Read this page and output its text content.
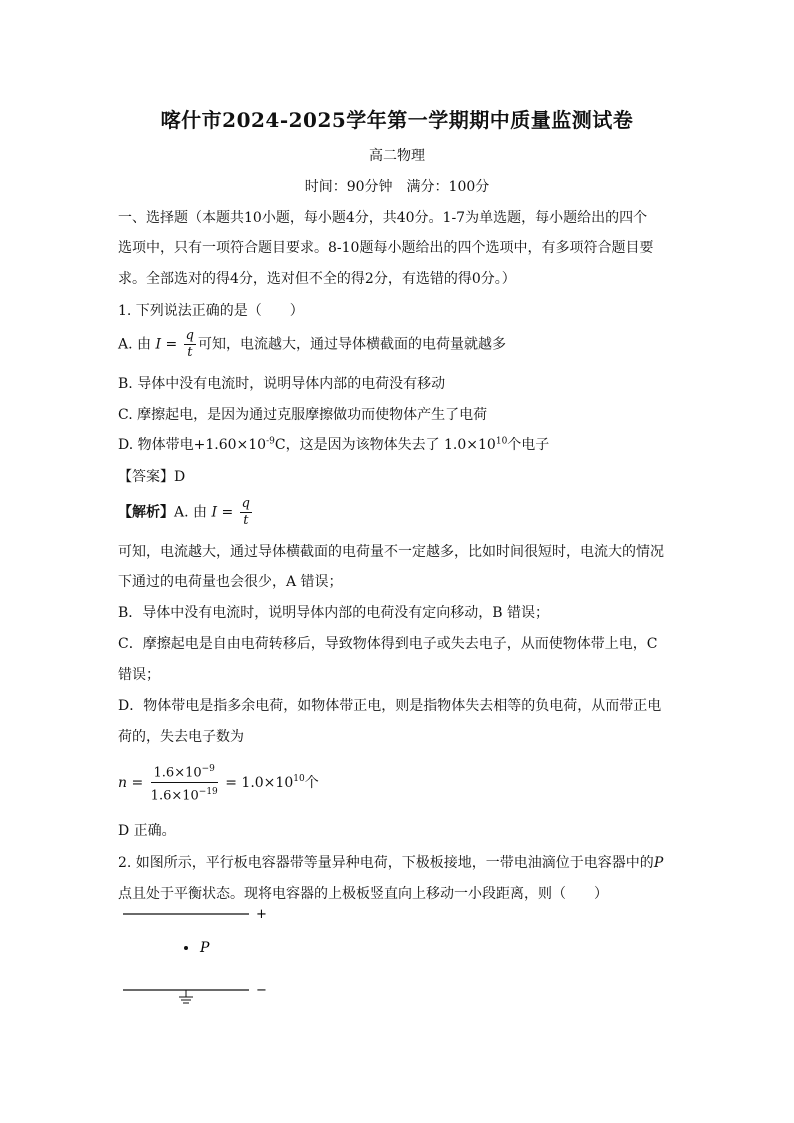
喀什市2024-2025学年第一学期期中质量监测试卷
高二物理
时间：90分钟　满分：100分
一、选择题（本题共10小题，每小题4分，共40分。1-7为单选题，每小题给出的四个
选项中，只有一项符合题目要求。8-10题每小题给出的四个选项中，有多项符合题目要
求。全部选对的得4分，选对但不全的得2分，有选错的得0分。）
1. 下列说法正确的是（　　）
A. 由 $I = \frac{q}{t}$ 可知，电流越大，通过导体横截面的电荷量就越多
B. 导体中没有电流时，说明导体内部的电荷没有移动
C. 摩擦起电，是因为通过克服摩擦做功而使物体产生了电荷
D. 物体带电$+1.60\times 10^{-9}C$，这是因为该物体失去了 $1.0\times 10^{10}$个电子
【答案】D
【解析】A. 由 $I = \frac{q}{t}$
可知，电流越大，通过导体横截面的电荷量不一定越多，比如时间很短时，电流大的情况
下通过的电荷量也会很少，A 错误；
B．导体中没有电流时，说明导体内部的电荷没有定向移动，B 错误；
C．摩擦起电是自由电荷转移后，导致物体得到电子或失去电子，从而使物体带上电，C
错误；
D．物体带电是指多余电荷，如物体带正电，则是指物体失去相等的负电荷，从而带正电
荷的，失去电子数为
$n = \frac{1.6\times 10^{-9}}{1.6\times 10^{-19}} = 1.0\times 10^{10}$个
D 正确。
2. 如图所示，平行板电容器带等量异种电荷，下极板接地，一带电油滴位于电容器中的P
点且处于平衡状态。现将电容器的上极板竖直向上移动一小段距离，则（　　）
+
P
−
